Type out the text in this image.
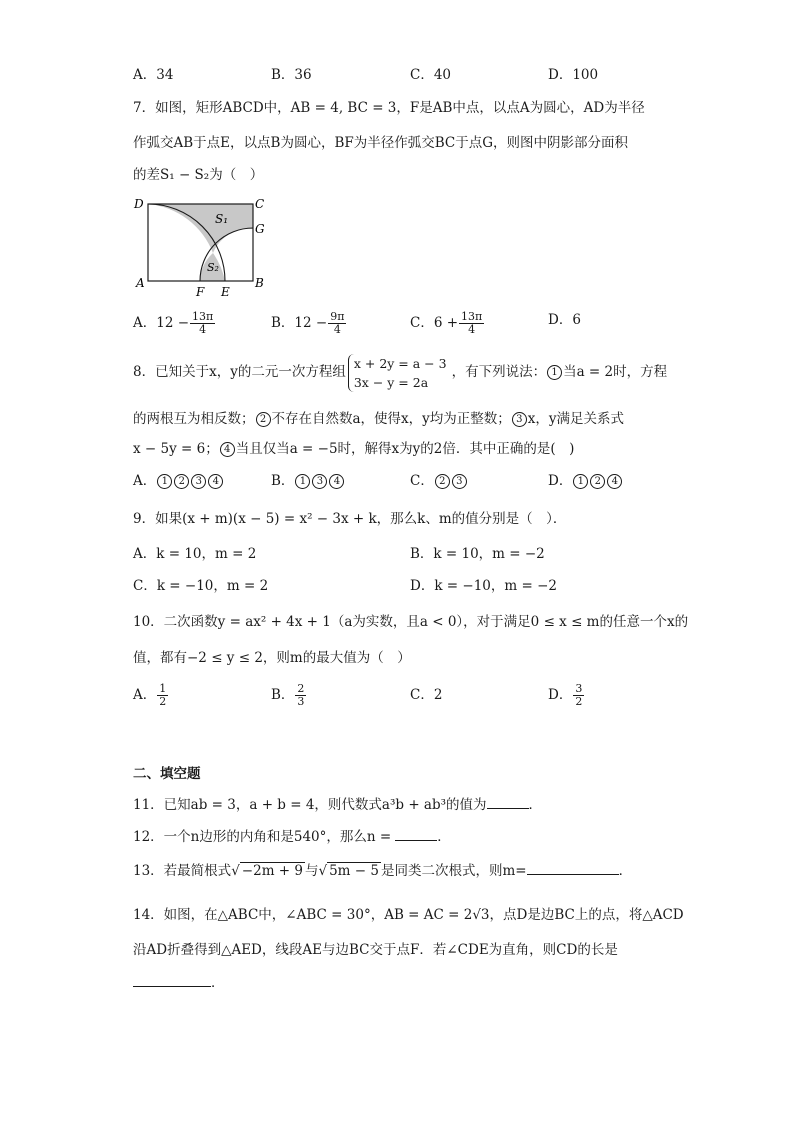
A．34	B．36	C．40	D．100
7．如图，矩形ABCD中，AB = 4, BC = 3，F是AB中点，以点A为圆心，AD为半径
作弧交AB于点E，以点B为圆心，BF为半径作弧交BC于点G，则图中阴影部分面积
的差S₁ − S₂为（　）
D	C
G
A	B
F E
S₁
S₂
A．$12 - \frac{13\pi}{4}$	B．$12 - \frac{9\pi}{4}$	C．$6 + \frac{13\pi}{4}$	D．6
8．已知关于x，y的二元一次方程组
x + 2y = a − 3
3x − y = 2a
，有下列说法： 1 当a = 2时，方程
的两根互为相反数； 2 不存在自然数a，使得x，y均为正整数； 3 x，y满足关系式
x − 5y = 6； 4 当且仅当a = −5时，解得x为y的2倍．其中正确的是(　)
A． 1 2 3 4	B． 1 3 4	C． 2 3	D． 1 2 4
9．如果(x + m)(x − 5) = x² − 3x + k，那么k、m的值分别是（　）．
A．k = 10，m = 2	B．k = 10，m = −2
C．k = −10，m = 2	D．k = −10，m = −2
10．二次函数y = ax² + 4x + 1（a为实数，且a < 0），对于满足0 ≤ x ≤ m的任意一个x的
值，都有−2 ≤ y ≤ 2，则m的最大值为（　）
A． $\frac{1}{2}$	B． $\frac{2}{3}$	C．2	D． $\frac{3}{2}$
二、填空题
11．已知ab = 3，a + b = 4，则代数式a³b + ab³的值为	．
12．一个n边形的内角和是540°，那么n =	．
13．若最简根式√ −2m + 9 与√ 5m − 5 是同类二次根式，则m=	．
14．如图，在△ABC中，∠ABC = 30°，AB = AC = 2√3，点D是边BC上的点，将△ACD
沿AD折叠得到△AED，线段AE与边BC交于点F．若∠CDE为直角，则CD的长是
．
